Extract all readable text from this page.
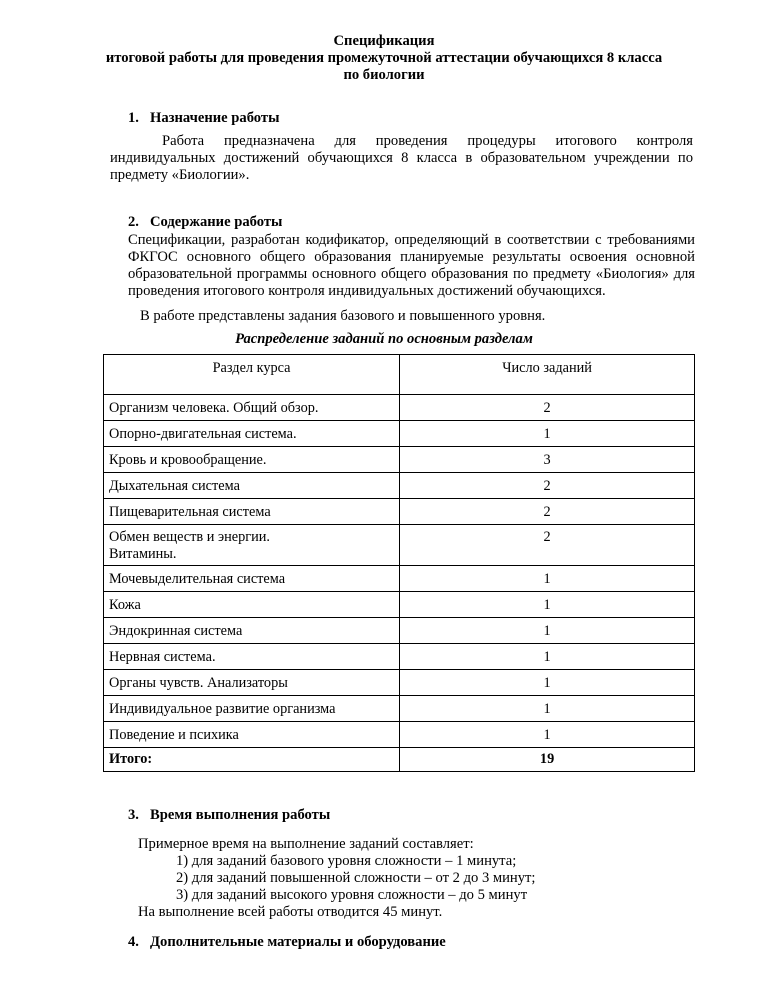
Спецификация
итоговой работы для проведения промежуточной аттестации обучающихся 8 класса
по биологии
1. Назначение работы
Работа предназначена для проведения процедуры итогового контроля индивидуальных достижений обучающихся 8 класса в образовательном учреждении по предмету «Биологии».
2. Содержание работы
Спецификации, разработан кодификатор, определяющий в соответствии с требованиями ФКГОС основного общего образования планируемые результаты освоения основной образовательной программы основного общего образования по предмету «Биология» для проведения итогового контроля индивидуальных достижений обучающихся.
В работе представлены задания базового и повышенного уровня.
Распределение заданий по основным разделам
Раздел курса	Число заданий
Организм человека. Общий обзор.	2
Опорно-двигательная система.	1
Кровь и кровообращение.	3
Дыхательная система	2
Пищеварительная система	2

Обмен веществ и энергии.
Витамины.	2
Мочевыделительная система	1
Кожа	1
Эндокринная система	1
Нервная система.	1
Органы чувств. Анализаторы	1
Индивидуальное развитие организма	1
Поведение и психика	1
Итого:	19
3. Время выполнения работы
Примерное время на выполнение заданий составляет:
1) для заданий базового уровня сложности – 1 минута;
2) для заданий повышенной сложности – от 2 до 3 минут;
3) для заданий высокого уровня сложности – до 5 минут
На выполнение всей работы отводится 45 минут.
4. Дополнительные материалы и оборудование
